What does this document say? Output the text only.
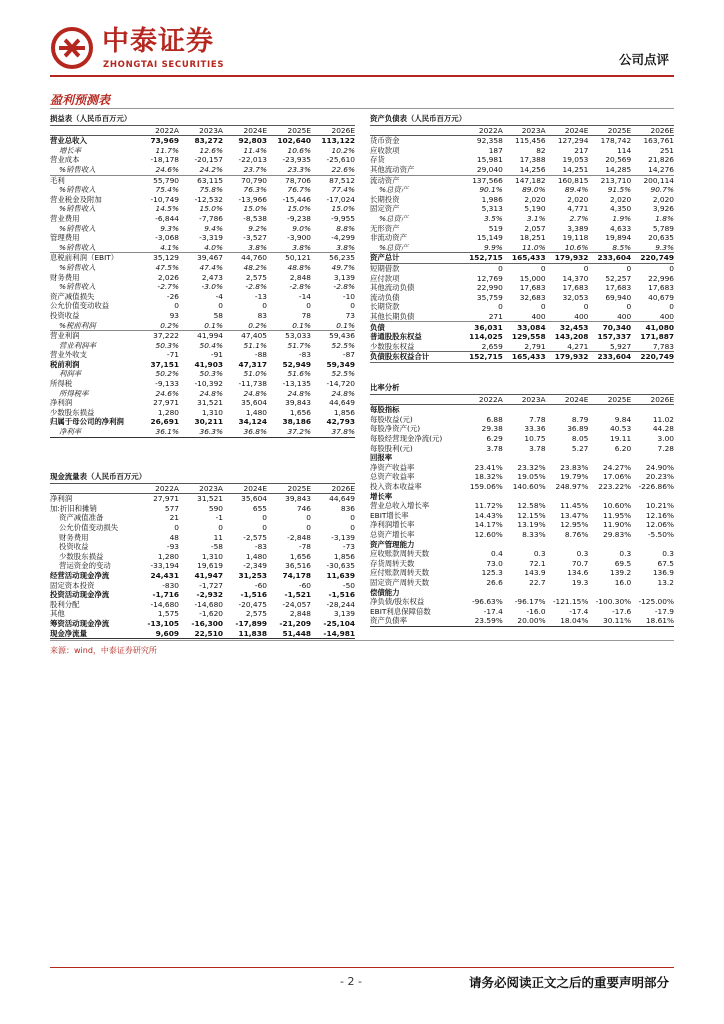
中泰证券
ZHONGTAI SECURITIES	公司点评
盈利预测表
损益表（人民币百万元）					
	2022A	2023A	2024E	2025E	2026E
营业总收入	73,969	83,272	92,803	102,640	113,122
增长率	11.7%	12.6%	11.4%	10.6%	10.2%
营业成本	-18,178	-20,157	-22,013	-23,935	-25,610
%销售收入	24.6%	24.2%	23.7%	23.3%	22.6%
毛利	55,790	63,115	70,790	78,706	87,512
%销售收入	75.4%	75.8%	76.3%	76.7%	77.4%
营业税金及附加	-10,749	-12,532	-13,966	-15,446	-17,024
%销售收入	14.5%	15.0%	15.0%	15.0%	15.0%
营业费用	-6,844	-7,786	-8,538	-9,238	-9,955
%销售收入	9.3%	9.4%	9.2%	9.0%	8.8%
管理费用	-3,068	-3,319	-3,527	-3,900	-4,299
%销售收入	4.1%	4.0%	3.8%	3.8%	3.8%
息税前利润（EBIT）	35,129	39,467	44,760	50,121	56,235
%销售收入	47.5%	47.4%	48.2%	48.8%	49.7%
财务费用	2,026	2,473	2,575	2,848	3,139
%销售收入	-2.7%	-3.0%	-2.8%	-2.8%	-2.8%
资产减值损失	-26	-4	-13	-14	-10
公允价值变动收益	0	0	0	0	0
投资收益	93	58	83	78	73
%税前利润	0.2%	0.1%	0.2%	0.1%	0.1%
营业利润	37,222	41,994	47,405	53,033	59,436
营业利润率	50.3%	50.4%	51.1%	51.7%	52.5%
营业外收支	-71	-91	-88	-83	-87
税前利润	37,151	41,903	47,317	52,949	59,349
利润率	50.2%	50.3%	51.0%	51.6%	52.5%
所得税	-9,133	-10,392	-11,738	-13,135	-14,720
所得税率	24.6%	24.8%	24.8%	24.8%	24.8%
净利润	27,971	31,521	35,604	39,843	44,649
少数股东损益	1,280	1,310	1,480	1,656	1,856
归属于母公司的净利润	26,691	30,211	34,124	38,186	42,793
净利率	36.1%	36.3%	36.8%	37.2%	37.8%
资产负债表（人民币百万元）					
	2022A	2023A	2024E	2025E	2026E
货币资金	92,358	115,456	127,294	178,742	163,761
应收款项	187	82	217	114	251
存货	15,981	17,388	19,053	20,569	21,826
其他流动资产	29,040	14,256	14,251	14,285	14,276
流动资产	137,566	147,182	160,815	213,710	200,114
%总资产	90.1%	89.0%	89.4%	91.5%	90.7%
长期投资	1,986	2,020	2,020	2,020	2,020
固定资产	5,313	5,190	4,771	4,350	3,926
%总资产	3.5%	3.1%	2.7%	1.9%	1.8%
无形资产	519	2,057	3,389	4,633	5,789
非流动资产	15,149	18,251	19,118	19,894	20,635
%总资产	9.9%	11.0%	10.6%	8.5%	9.3%
资产总计	152,715	165,433	179,932	233,604	220,749
短期借款	0	0	0	0	0
应付款项	12,769	15,000	14,370	52,257	22,996
其他流动负债	22,990	17,683	17,683	17,683	17,683
流动负债	35,759	32,683	32,053	69,940	40,679
长期贷款	0	0	0	0	0
其他长期负债	271	400	400	400	400
负债	36,031	33,084	32,453	70,340	41,080
普通股股东权益	114,025	129,558	143,208	157,337	171,887
少数股东权益	2,659	2,791	4,271	5,927	7,783
负债股东权益合计	152,715	165,433	179,932	233,604	220,749
比率分析					
	2022A	2023A	2024E	2025E	2026E
每股指标					
每股收益(元)	6.88	7.78	8.79	9.84	11.02
每股净资产(元)	29.38	33.36	36.89	40.53	44.28
每股经营现金净流(元)	6.29	10.75	8.05	19.11	3.00
每股股利(元)	3.78	3.78	5.27	6.20	7.28
回报率					
净资产收益率	23.41%	23.32%	23.83%	24.27%	24.90%
总资产收益率	18.32%	19.05%	19.79%	17.06%	20.23%
投入资本收益率	159.06%	140.60%	248.97%	223.22%	-226.86%
增长率					
营业总收入增长率	11.72%	12.58%	11.45%	10.60%	10.21%
EBIT增长率	14.43%	12.15%	13.47%	11.95%	12.16%
净利润增长率	14.17%	13.19%	12.95%	11.90%	12.06%
总资产增长率	12.60%	8.33%	8.76%	29.83%	-5.50%
资产管理能力					
应收账款周转天数	0.4	0.3	0.3	0.3	0.3
存货周转天数	73.0	72.1	70.7	69.5	67.5
应付账款周转天数	125.3	143.9	134.6	139.2	136.9
固定资产周转天数	26.6	22.7	19.3	16.0	13.2
偿债能力					
净负债/股东权益	-96.63%	-96.17%	-121.15%	-100.30%	-125.00%
EBIT利息保障倍数	-17.4	-16.0	-17.4	-17.6	-17.9
资产负债率	23.59%	20.00%	18.04%	30.11%	18.61%
现金流量表（人民币百万元）					
	2022A	2023A	2024E	2025E	2026E
净利润	27,971	31,521	35,604	39,843	44,649
加:折旧和摊销	577	590	655	746	836
资产减值准备	21	-1	0	0	0
公允价值变动损失	0	0	0	0	0
财务费用	48	11	-2,575	-2,848	-3,139
投资收益	-93	-58	-83	-78	-73
少数股东损益	1,280	1,310	1,480	1,656	1,856
营运资金的变动	-33,194	19,619	-2,349	36,516	-30,635
经营活动现金净流	24,431	41,947	31,253	74,178	11,639
固定资本投资	-830	-1,727	-60	-60	-50
投资活动现金净流	-1,716	-2,932	-1,516	-1,521	-1,516
股利分配	-14,680	-14,680	-20,475	-24,057	-28,244
其他	1,575	-1,620	2,575	2,848	3,139
筹资活动现金净流	-13,105	-16,300	-17,899	-21,209	-25,104
现金净流量	9,609	22,510	11,838	51,448	-14,981
来源：wind，中泰证券研究所
- 2 -	请务必阅读正文之后的重要声明部分
